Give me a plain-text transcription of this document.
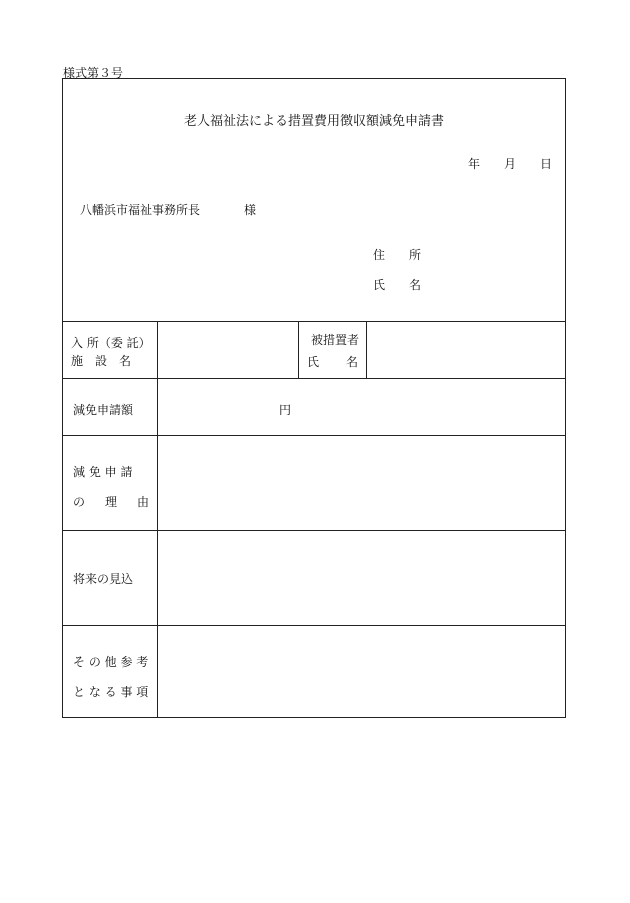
様式第３号
老人福祉法による措置費用徴収額減免申請書
年 月 日
八幡浜市福祉事務所長	様
住 所
氏 名
入 所（委 託）
施　設　名
被措置者
氏 名
減免申請額	円
減 免 申 請
の 理 由
将来の見込
そ の 他 参 考
と な る 事 項
